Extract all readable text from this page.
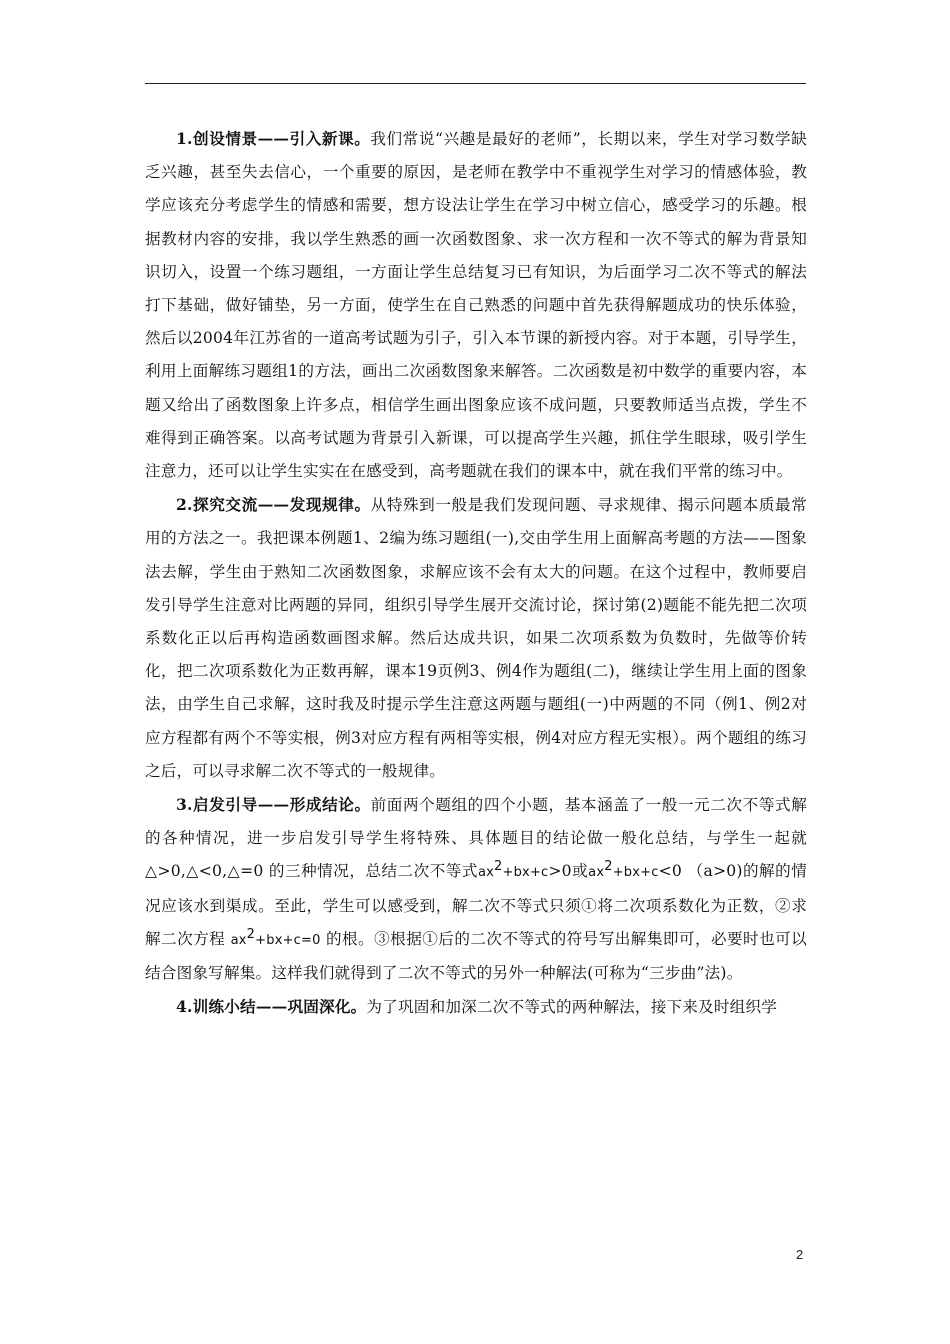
1.创设情景——引入新课。我们常说“兴趣是最好的老师”，长期以来，学生对学习数学缺乏兴趣，甚至失去信心，一个重要的原因，是老师在教学中不重视学生对学习的情感体验，教学应该充分考虑学生的情感和需要，想方设法让学生在学习中树立信心，感受学习的乐趣。根据教材内容的安排，我以学生熟悉的画一次函数图象、求一次方程和一次不等式的解为背景知识切入，设置一个练习题组，一方面让学生总结复习已有知识，为后面学习二次不等式的解法打下基础，做好铺垫，另一方面，使学生在自己熟悉的问题中首先获得解题成功的快乐体验，然后以2004年江苏省的一道高考试题为引子，引入本节课的新授内容。对于本题，引导学生，利用上面解练习题组1的方法，画出二次函数图象来解答。二次函数是初中数学的重要内容，本题又给出了函数图象上许多点，相信学生画出图象应该不成问题，只要教师适当点拨，学生不难得到正确答案。以高考试题为背景引入新课，可以提高学生兴趣，抓住学生眼球，吸引学生注意力，还可以让学生实实在在感受到，高考题就在我们的课本中，就在我们平常的练习中。

2.探究交流——发现规律。从特殊到一般是我们发现问题、寻求规律、揭示问题本质最常用的方法之一。我把课本例题1、2编为练习题组(一),交由学生用上面解高考题的方法——图象法去解，学生由于熟知二次函数图象，求解应该不会有太大的问题。在这个过程中，教师要启发引导学生注意对比两题的异同，组织引导学生展开交流讨论，探讨第(2)题能不能先把二次项系数化正以后再构造函数画图求解。然后达成共识，如果二次项系数为负数时，先做等价转化，把二次项系数化为正数再解，课本19页例3、例4作为题组(二)，继续让学生用上面的图象法，由学生自己求解，这时我及时提示学生注意这两题与题组(一)中两题的不同（例1、例2对应方程都有两个不等实根，例3对应方程有两相等实根，例4对应方程无实根）。两个题组的练习之后，可以寻求解二次不等式的一般规律。

3.启发引导——形成结论。前面两个题组的四个小题，基本涵盖了一般一元二次不等式解的各种情况，进一步启发引导学生将特殊、具体题目的结论做一般化总结，与学生一起就△>0,△<0,△=0 的三种情况，总结二次不等式$ax^2+bx+c>0$或$ax^2+bx+c<0$ （a>0)的解的情况应该水到渠成。至此，学生可以感受到，解二次不等式只须①将二次项系数化为正数，②求解二次方程 $ax^2+bx+c=0$ 的根。③根据①后的二次不等式的符号写出解集即可，必要时也可以结合图象写解集。这样我们就得到了二次不等式的另外一种解法(可称为“三步曲”法)。

4.训练小结——巩固深化。为了巩固和加深二次不等式的两种解法，接下来及时组织学

2
